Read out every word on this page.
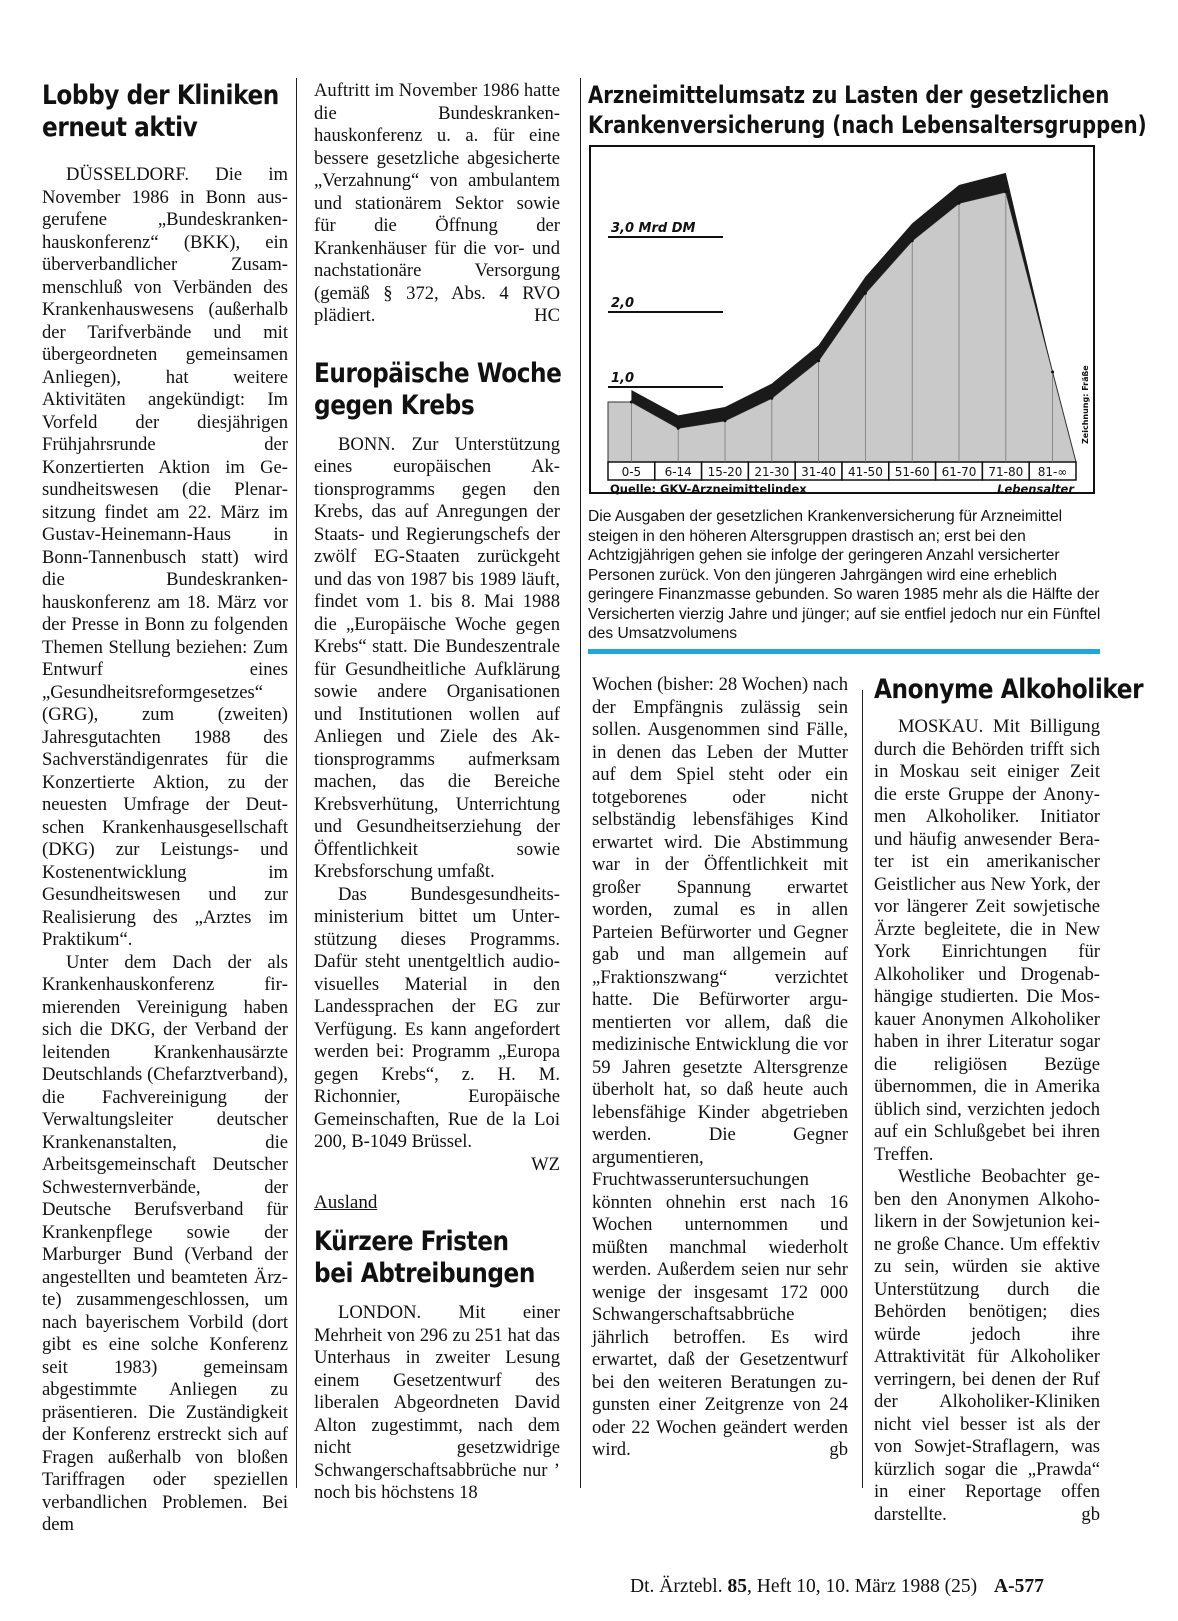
Lobby der Kliniken
erneut aktiv

DÜSSELDORF. Die im November 1986 in Bonn ausgerufene „Bundeskrankenhauskonferenz“ (BKK), ein überverbandlicher Zusammenschluß von Verbänden des Krankenhauswesens (außerhalb der Tarifverbände und mit übergeordneten gemeinsamen Anliegen), hat weitere Aktivitäten angekündigt: Im Vorfeld der diesjährigen Frühjahrsrunde der Konzertierten Aktion im Gesundheitswesen (die Plenarsitzung findet am 22. März im Gustav-Heinemann-Haus in Bonn-Tannenbusch statt) wird die Bundeskrankenhauskonferenz am 18. März vor der Presse in Bonn zu folgenden Themen Stellung beziehen: Zum Entwurf eines „Gesundheitsreformgesetzes“ (GRG), zum (zweiten) Jahresgutachten 1988 des Sachverständigenrates für die Konzertierte Aktion, zu der neuesten Umfrage der Deutschen Krankenhausgesellschaft (DKG) zur Leistungs- und Kostenentwicklung im Gesundheitswesen und zur Realisierung des „Arztes im Praktikum“.

Unter dem Dach der als Krankenhauskonferenz firmierenden Vereinigung haben sich die DKG, der Verband der leitenden Krankenhausärzte Deutschlands (Chefarztverband), die Fachvereinigung der Verwaltungsleiter deutscher Krankenanstalten, die Arbeitsgemeinschaft Deutscher Schwesternverbände, der Deutsche Berufsverband für Krankenpflege sowie der Marburger Bund (Verband der angestellten und beamteten Ärzte) zusammengeschlossen, um nach bayerischem Vorbild (dort gibt es eine solche Konferenz seit 1983) gemeinsam abgestimmte Anliegen zu präsentieren. Die Zuständigkeit der Konferenz erstreckt sich auf Fragen außerhalb von bloßen Tariffragen oder speziellen verbandlichen Problemen. Bei dem

Auftritt im November 1986 hatte die Bundeskrankenhauskonferenz u. a. für eine bessere gesetzliche abgesicherte „Verzahnung“ von ambulantem und stationärem Sektor sowie für die Öffnung der Krankenhäuser für die vor- und nachstationäre Versorgung (gemäß § 372, Abs. 4 RVO plädiert.	HC

Europäische Woche
gegen Krebs

BONN. Zur Unterstützung eines europäischen Aktionsprogramms gegen den Krebs, das auf Anregungen der Staats- und Regierungschefs der zwölf EG-Staaten zurückgeht und das von 1987 bis 1989 läuft, findet vom 1. bis 8. Mai 1988 die „Europäische Woche gegen Krebs“ statt. Die Bundeszentrale für Gesundheitliche Aufklärung sowie andere Organisationen und Institutionen wollen auf Anliegen und Ziele des Aktionsprogramms aufmerksam machen, das die Bereiche Krebsverhütung, Unterrichtung und Gesundheitserziehung der Öffentlichkeit sowie Krebsforschung umfaßt.

Das Bundesgesundheitsministerium bittet um Unterstützung dieses Programms. Dafür steht unentgeltlich audio-visuelles Material in den Landessprachen der EG zur Verfügung. Es kann angefordert werden bei: Programm „Europa gegen Krebs“, z. H. M. Richonnier, Europäische Gemeinschaften, Rue de la Loi 200, B-1049 Brüssel.

WZ

Ausland

Kürzere Fristen
bei Abtreibungen

LONDON. Mit einer Mehrheit von 296 zu 251 hat das Unterhaus in zweiter Lesung einem Gesetzentwurf des liberalen Abgeordneten David Alton zugestimmt, nach dem nicht gesetzwidrige Schwangerschaftsabbrüche nur ’ noch bis höchstens 18

Arzneimittelumsatz zu Lasten der gesetzlichen
Krankenversicherung (nach Lebensaltersgruppen)
1,0
2,0
3,0 Mrd DM
0-5 6-14 15-20 21-30 31-40 41-50 51-60 61-70 71-80 81-∞
Quelle: GKV-Arzneimittelindex	Lebensalter
Zeichnung: Fräße
Die Ausgaben der gesetzlichen Krankenversicherung für Arzneimittel steigen in den höheren Altersgruppen drastisch an; erst bei den Achtzigjährigen gehen sie infolge der geringeren Anzahl versicherter Personen zurück. Von den jüngeren Jahrgängen wird eine erheblich geringere Finanzmasse gebunden. So waren 1985 mehr als die Hälfte der Versicherten vierzig Jahre und jünger; auf sie entfiel jedoch nur ein Fünftel des Umsatzvolumens

Wochen (bisher: 28 Wochen) nach der Empfängnis zulässig sein sollen. Ausgenommen sind Fälle, in denen das Leben der Mutter auf dem Spiel steht oder ein totgeborenes oder nicht selbständig lebensfähiges Kind erwartet wird. Die Abstimmung war in der Öffentlichkeit mit großer Spannung erwartet worden, zumal es in allen Parteien Befürworter und Gegner gab und man allgemein auf „Fraktionszwang“ verzichtet hatte. Die Befürworter argumentierten vor allem, daß die medizinische Entwicklung die vor 59 Jahren gesetzte Altersgrenze überholt hat, so daß heute auch lebensfähige Kinder abgetrieben werden. Die Gegner argumentieren, Fruchtwasseruntersuchungen könnten ohnehin erst nach 16 Wochen unternommen und müßten manchmal wiederholt werden. Außerdem seien nur sehr wenige der insgesamt 172 000 Schwangerschaftsabbrüche jährlich betroffen. Es wird erwartet, daß der Gesetzentwurf bei den weiteren Beratungen zugunsten einer Zeitgrenze von 24 oder 22 Wochen geändert werden wird.	gb

Anonyme Alkoholiker

MOSKAU. Mit Billigung durch die Behörden trifft sich in Moskau seit einiger Zeit die erste Gruppe der Anonymen Alkoholiker. Initiator und häufig anwesender Berater ist ein amerikanischer Geistlicher aus New York, der vor längerer Zeit sowjetische Ärzte begleitete, die in New York Einrichtungen für Alkoholiker und Drogenabhängige studierten. Die Moskauer Anonymen Alkoholiker haben in ihrer Literatur sogar die religiösen Bezüge übernommen, die in Amerika üblich sind, verzichten jedoch auf ein Schlußgebet bei ihren Treffen.

Westliche Beobachter geben den Anonymen Alkoholikern in der Sowjetunion keine große Chance. Um effektiv zu sein, würden sie aktive Unterstützung durch die Behörden benötigen; dies würde jedoch ihre Attraktivität für Alkoholiker verringern, bei denen der Ruf der Alkoholiker-Kliniken nicht viel besser ist als der von Sowjet-Straflagern, was kürzlich sogar die „Prawda“ in einer Reportage offen darstellte.	gb

Dt. Ärztebl. 85, Heft 10, 10. März 1988 (25) A-577
